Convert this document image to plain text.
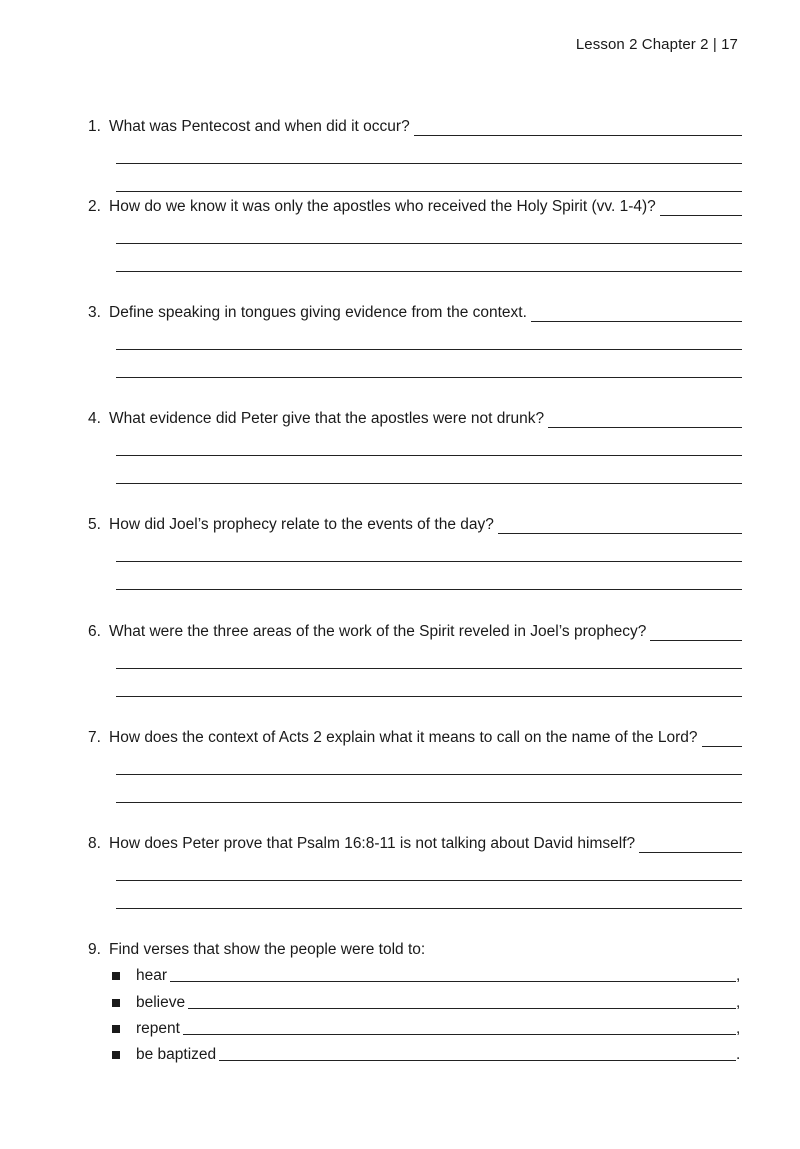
Lesson 2 Chapter 2 | 17
1. What was Pentecost and when did it occur?
2. How do we know it was only the apostles who received the Holy Spirit (vv. 1-4)?
3. Define speaking in tongues giving evidence from the context.
4. What evidence did Peter give that the apostles were not drunk?
5. How did Joel’s prophecy relate to the events of the day?
6. What were the three areas of the work of the Spirit reveled in Joel’s prophecy?
7. How does the context of Acts 2 explain what it means to call on the name of the Lord?
8. How does Peter prove that Psalm 16:8-11 is not talking about David himself?
9. Find verses that show the people were told to:
hear	,
believe	,
repent	,
be baptized	.
